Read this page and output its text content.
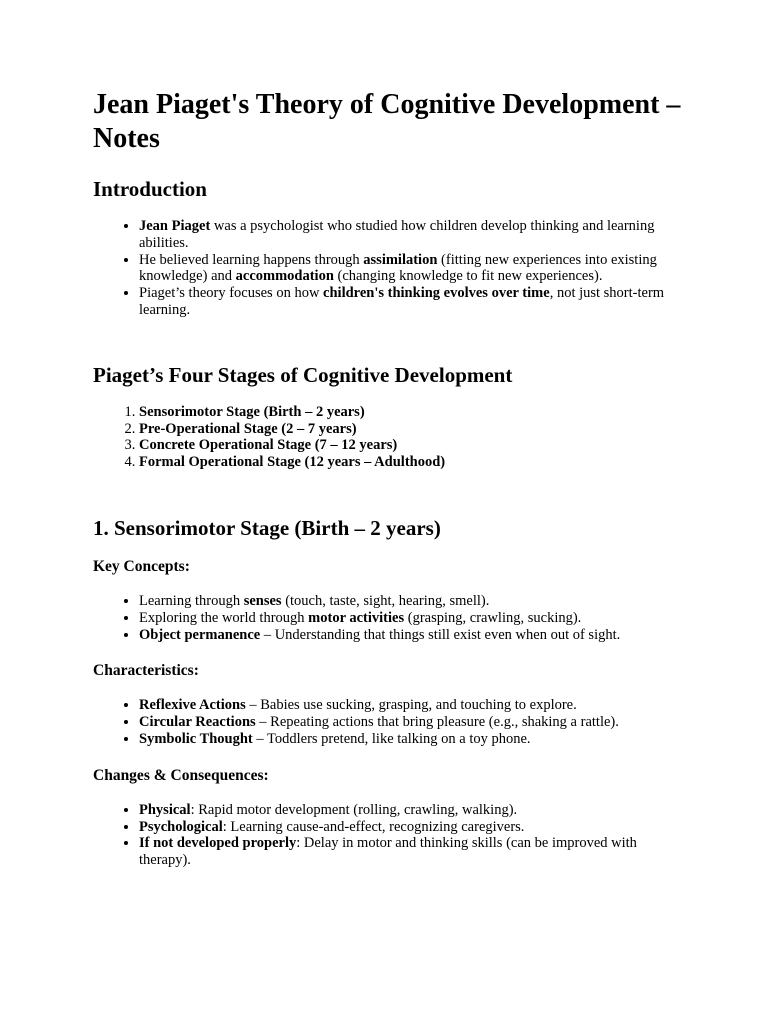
Jean Piaget's Theory of Cognitive Development – Notes
Introduction
• Jean Piaget was a psychologist who studied how children develop thinking and learning abilities.
• He believed learning happens through assimilation (fitting new experiences into existing knowledge) and accommodation (changing knowledge to fit new experiences).
• Piaget’s theory focuses on how children's thinking evolves over time, not just short-term learning.
Piaget’s Four Stages of Cognitive Development
1. Sensorimotor Stage (Birth – 2 years)
2. Pre-Operational Stage (2 – 7 years)
3. Concrete Operational Stage (7 – 12 years)
4. Formal Operational Stage (12 years – Adulthood)
1. Sensorimotor Stage (Birth – 2 years)
Key Concepts:
• Learning through senses (touch, taste, sight, hearing, smell).
• Exploring the world through motor activities (grasping, crawling, sucking).
• Object permanence – Understanding that things still exist even when out of sight.
Characteristics:
• Reflexive Actions – Babies use sucking, grasping, and touching to explore.
• Circular Reactions – Repeating actions that bring pleasure (e.g., shaking a rattle).
• Symbolic Thought – Toddlers pretend, like talking on a toy phone.
Changes & Consequences:
• Physical: Rapid motor development (rolling, crawling, walking).
• Psychological: Learning cause-and-effect, recognizing caregivers.
• If not developed properly: Delay in motor and thinking skills (can be improved with therapy).
